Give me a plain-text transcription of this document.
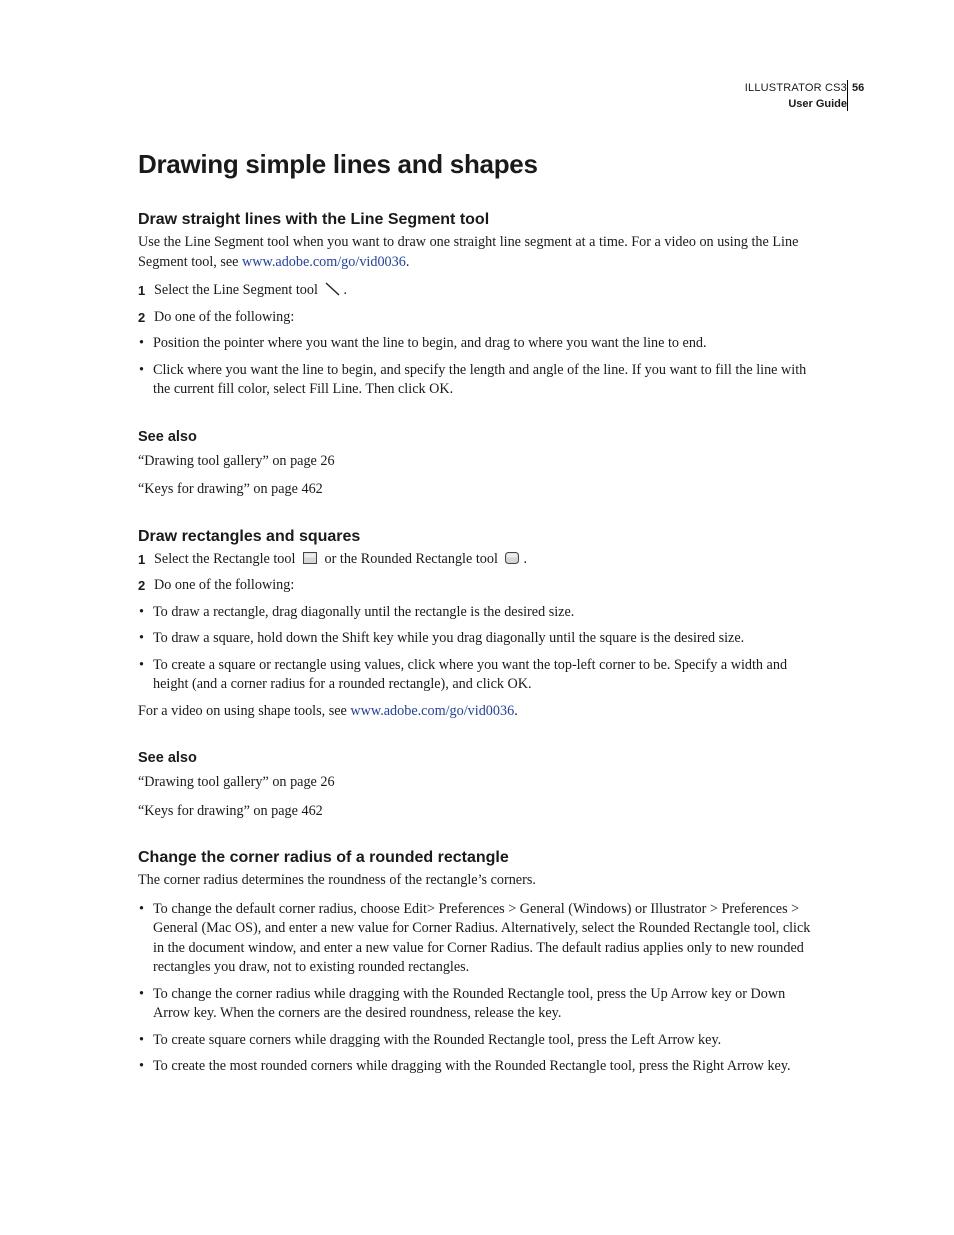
ILLUSTRATOR CS3
User Guide
56
Drawing simple lines and shapes
Draw straight lines with the Line Segment tool

Use the Line Segment tool when you want to draw one straight line segment at a time. For a video on using the Line Segment tool, see www.adobe.com/go/vid0036.

1 Select the Line Segment tool .
2 Do one of the following:
• Position the pointer where you want the line to begin, and drag to where you want the line to end.
• Click where you want the line to begin, and specify the length and angle of the line. If you want to fill the line with the current fill color, select Fill Line. Then click OK.
See also

“Drawing tool gallery” on page 26

“Keys for drawing” on page 462

Draw rectangles and squares
1 Select the Rectangle tool or the Rounded Rectangle tool .
2 Do one of the following:
• To draw a rectangle, drag diagonally until the rectangle is the desired size.
• To draw a square, hold down the Shift key while you drag diagonally until the square is the desired size.
• To create a square or rectangle using values, click where you want the top-left corner to be. Specify a width and height (and a corner radius for a rounded rectangle), and click OK.

For a video on using shape tools, see www.adobe.com/go/vid0036.

See also

“Drawing tool gallery” on page 26

“Keys for drawing” on page 462

Change the corner radius of a rounded rectangle

The corner radius determines the roundness of the rectangle’s corners.

• To change the default corner radius, choose Edit> Preferences > General (Windows) or Illustrator > Preferences > General (Mac OS), and enter a new value for Corner Radius. Alternatively, select the Rounded Rectangle tool, click in the document window, and enter a new value for Corner Radius. The default radius applies only to new rounded rectangles you draw, not to existing rounded rectangles.
• To change the corner radius while dragging with the Rounded Rectangle tool, press the Up Arrow key or Down Arrow key. When the corners are the desired roundness, release the key.
• To create square corners while dragging with the Rounded Rectangle tool, press the Left Arrow key.
• To create the most rounded corners while dragging with the Rounded Rectangle tool, press the Right Arrow key.
